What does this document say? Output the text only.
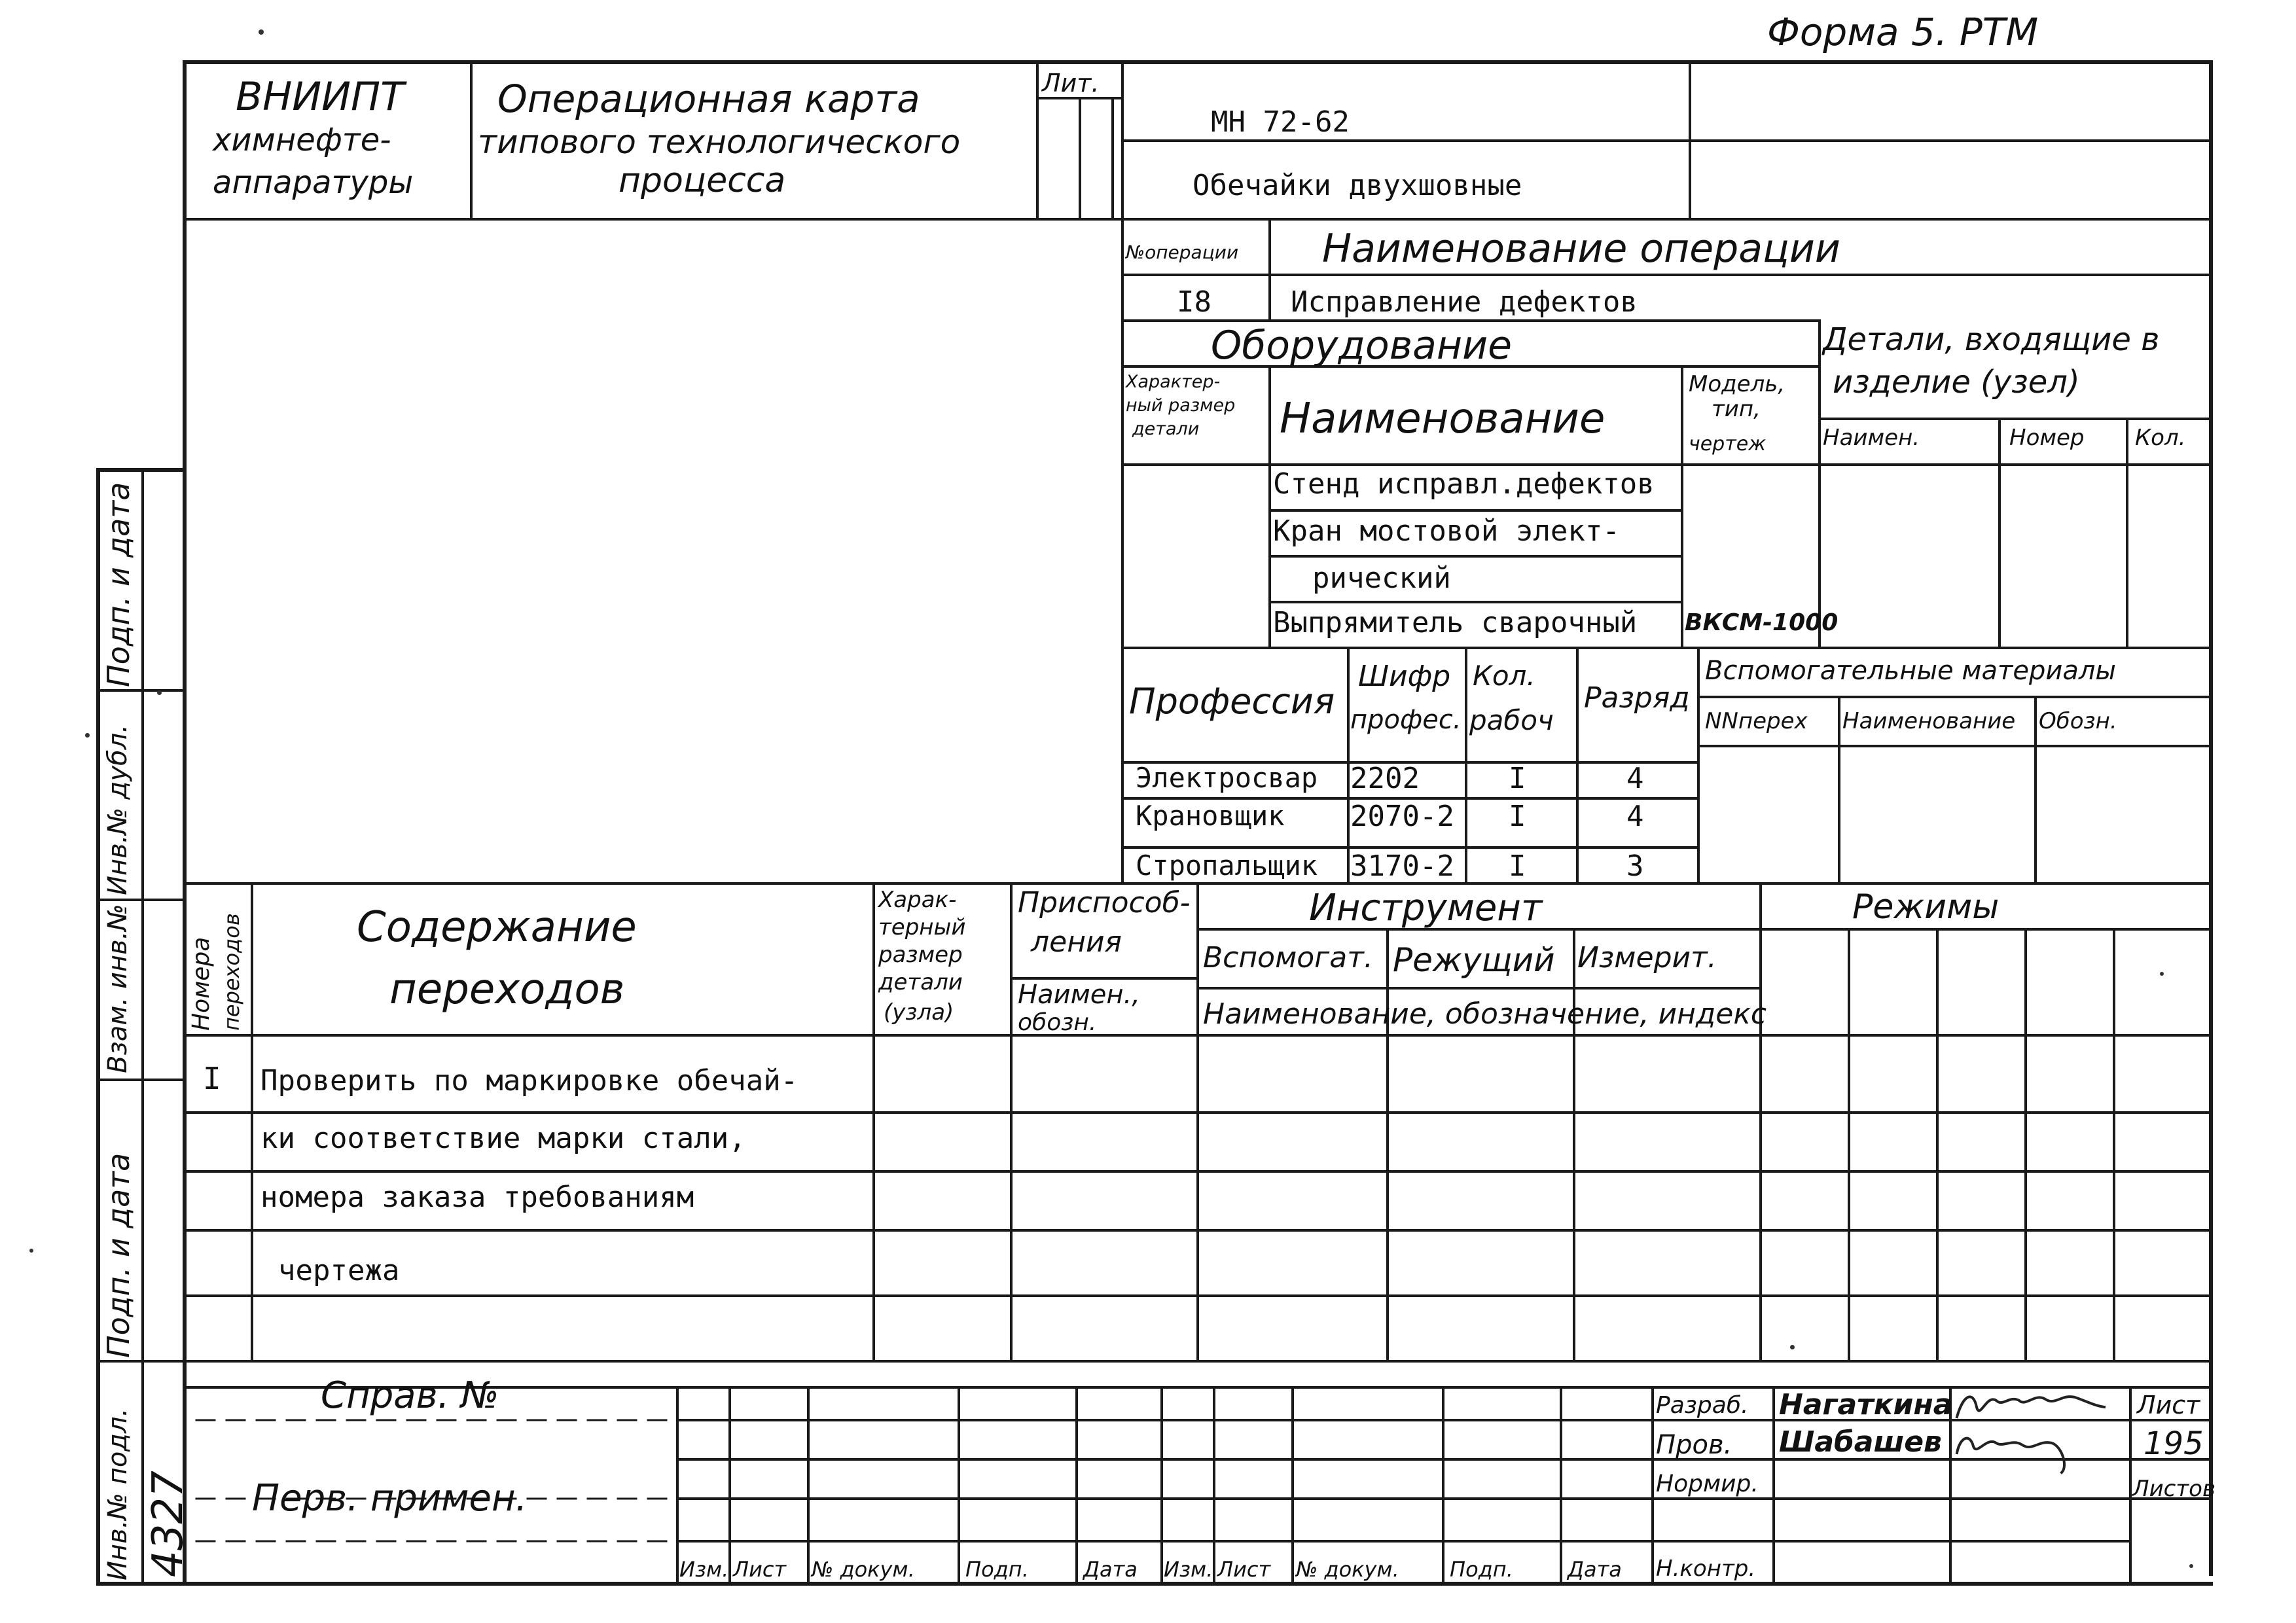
Форма 5. РТМ
ВНИИПТ
химнефте-
аппаратуры
Операционная карта
типового технологического
процесса
Лит.
МН 72-62
Обечайки двухшовные
№операции Наименование операции
I8	Исправление дефектов
Оборудование
Характер-
ный размер
детали Наименование
Модель,
тип,
чертеж
Стенд исправл.дефектов
Кран мостовой элект-
рический
Выпрямитель сварочный ВКСМ-1000
Детали, входящие в
изделие (узел)
Наимен.	Номер Кол.
Профессия
Шифр
профес.
Кол.
рабоч
Разряд
Электросвар 2202	I	4
Крановщик 2070-2 I	4
Стропальщик 3170-2 I	3
Вспомогательные материалы
NNперех Наименование Обозн.
Номера переходов	Содержание
переходов
Харак-
терный
размер
детали
(узла)
Приспособ-
ления
Наимен.,
обозн.
Инструмент
Вспомогат. Режущий Измерит.
Наименование, обозначение, индекс
Режимы
I Проверить по маркировке обечай-
ки соответствие марки стали,
номера заказа требованиям
чертежа
Подп. и дата
Инв.№ дубл.
Взам. инв.№
Подп. и дата
Инв.№ подл. 4327
Справ. №
Перв. примен.
Изм. Лист № докум. Подп.	Дата Изм. Лист № докум. Подп.	Дата
Разраб.
Пров.
Нормир.
Н.контр.
Нагаткина
Шабашев
Лист
195
Листов
